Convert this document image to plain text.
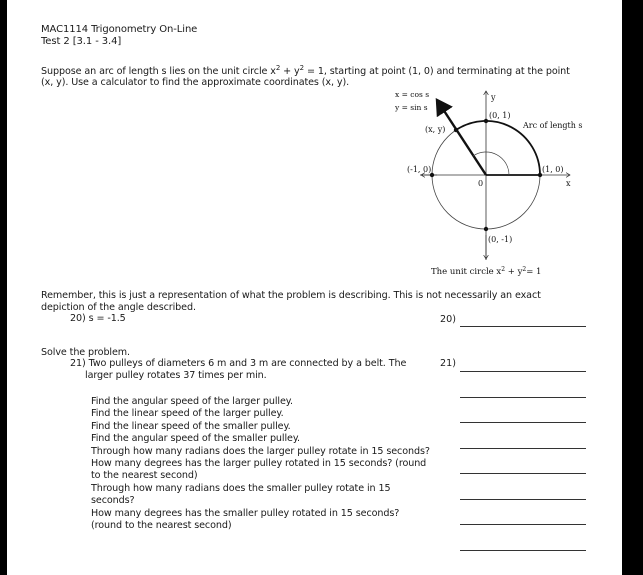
MAC1114 Trigonometry On-Line
Test 2 [3.1 - 3.4]
Suppose an arc of length s lies on the unit circle $x^2 + y^2 = 1$, starting at point (1, 0) and terminating at the point
(x, y). Use a calculator to find the approximate coordinates (x, y).
x = cos s
y = sin s
y
(0, 1)
(x, y)	Arc of length s
(-1, 0)	(1, 0)
0	x
(0, -1)
The unit circle $x^2 + y^2= 1$
Remember, this is just a representation of what the problem is describing. This is not necessarily an exact
depiction of the angle described.
20) s = -1.5	20)
Solve the problem.
21) Two pulleys of diameters 6 m and 3 m are connected by a belt. The
larger pulley rotates 37 times per min.
21)
Find the angular speed of the larger pulley.
Find the linear speed of the larger pulley.
Find the linear speed of the smaller pulley.
Find the angular speed of the smaller pulley.
Through how many radians does the larger pulley rotate in 15 seconds?
How many degrees has the larger pulley rotated in 15 seconds? (round
to the nearest second)
Through how many radians does the smaller pulley rotate in 15
seconds?
How many degrees has the smaller pulley rotated in 15 seconds?
(round to the nearest second)
